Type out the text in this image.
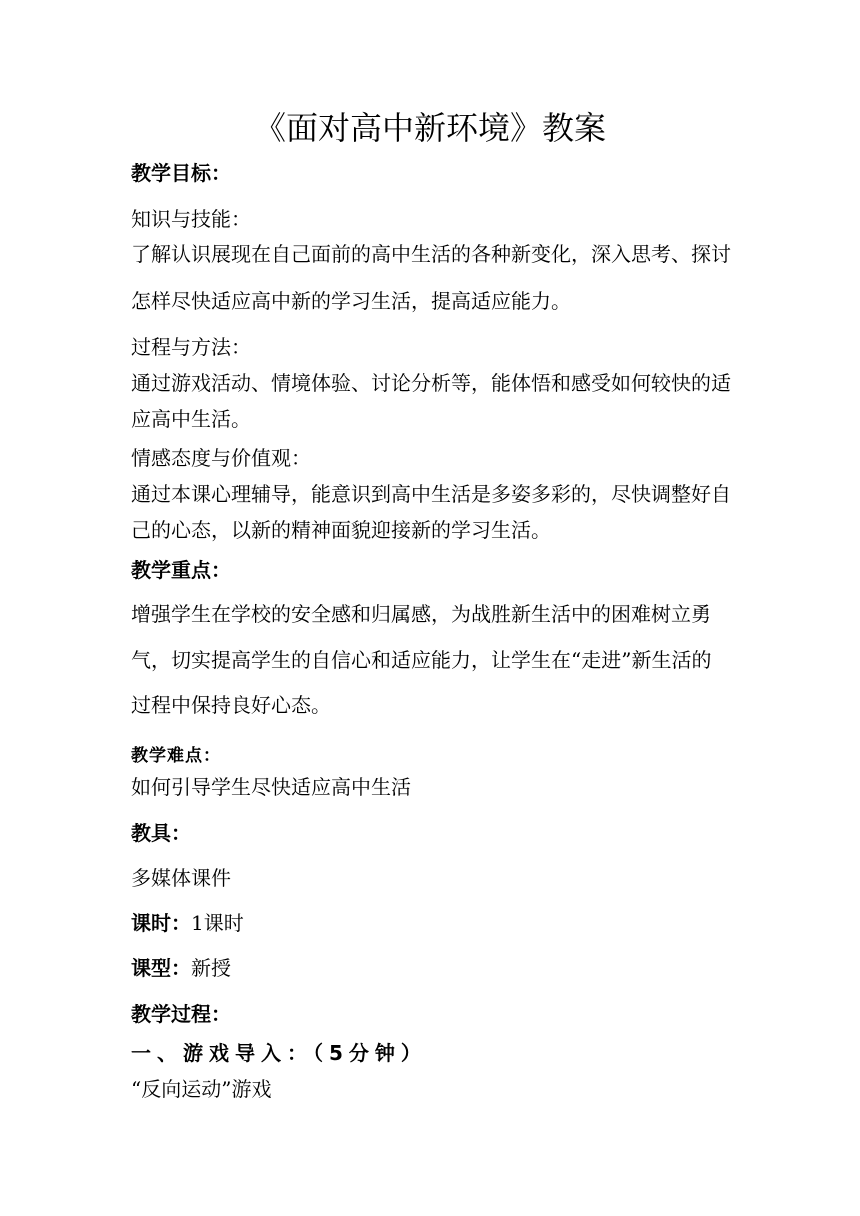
《面对高中新环境》教案
教学目标：
知识与技能：
了解认识展现在自己面前的高中生活的各种新变化，深入思考、探讨
怎样尽快适应高中新的学习生活，提高适应能力。
过程与方法：
通过游戏活动、情境体验、讨论分析等，能体悟和感受如何较快的适
应高中生活。
情感态度与价值观：
通过本课心理辅导，能意识到高中生活是多姿多彩的，尽快调整好自
己的心态，以新的精神面貌迎接新的学习生活。
教学重点：
增强学生在学校的安全感和归属感，为战胜新生活中的困难树立勇
气，切实提高学生的自信心和适应能力，让学生在“走进”新生活的
过程中保持良好心态。
教学难点：
如何引导学生尽快适应高中生活
教具：
多媒体课件
课时：1课时
课型：新授
教学过程：
一、游戏导入：（5分钟）
“反向运动”游戏
